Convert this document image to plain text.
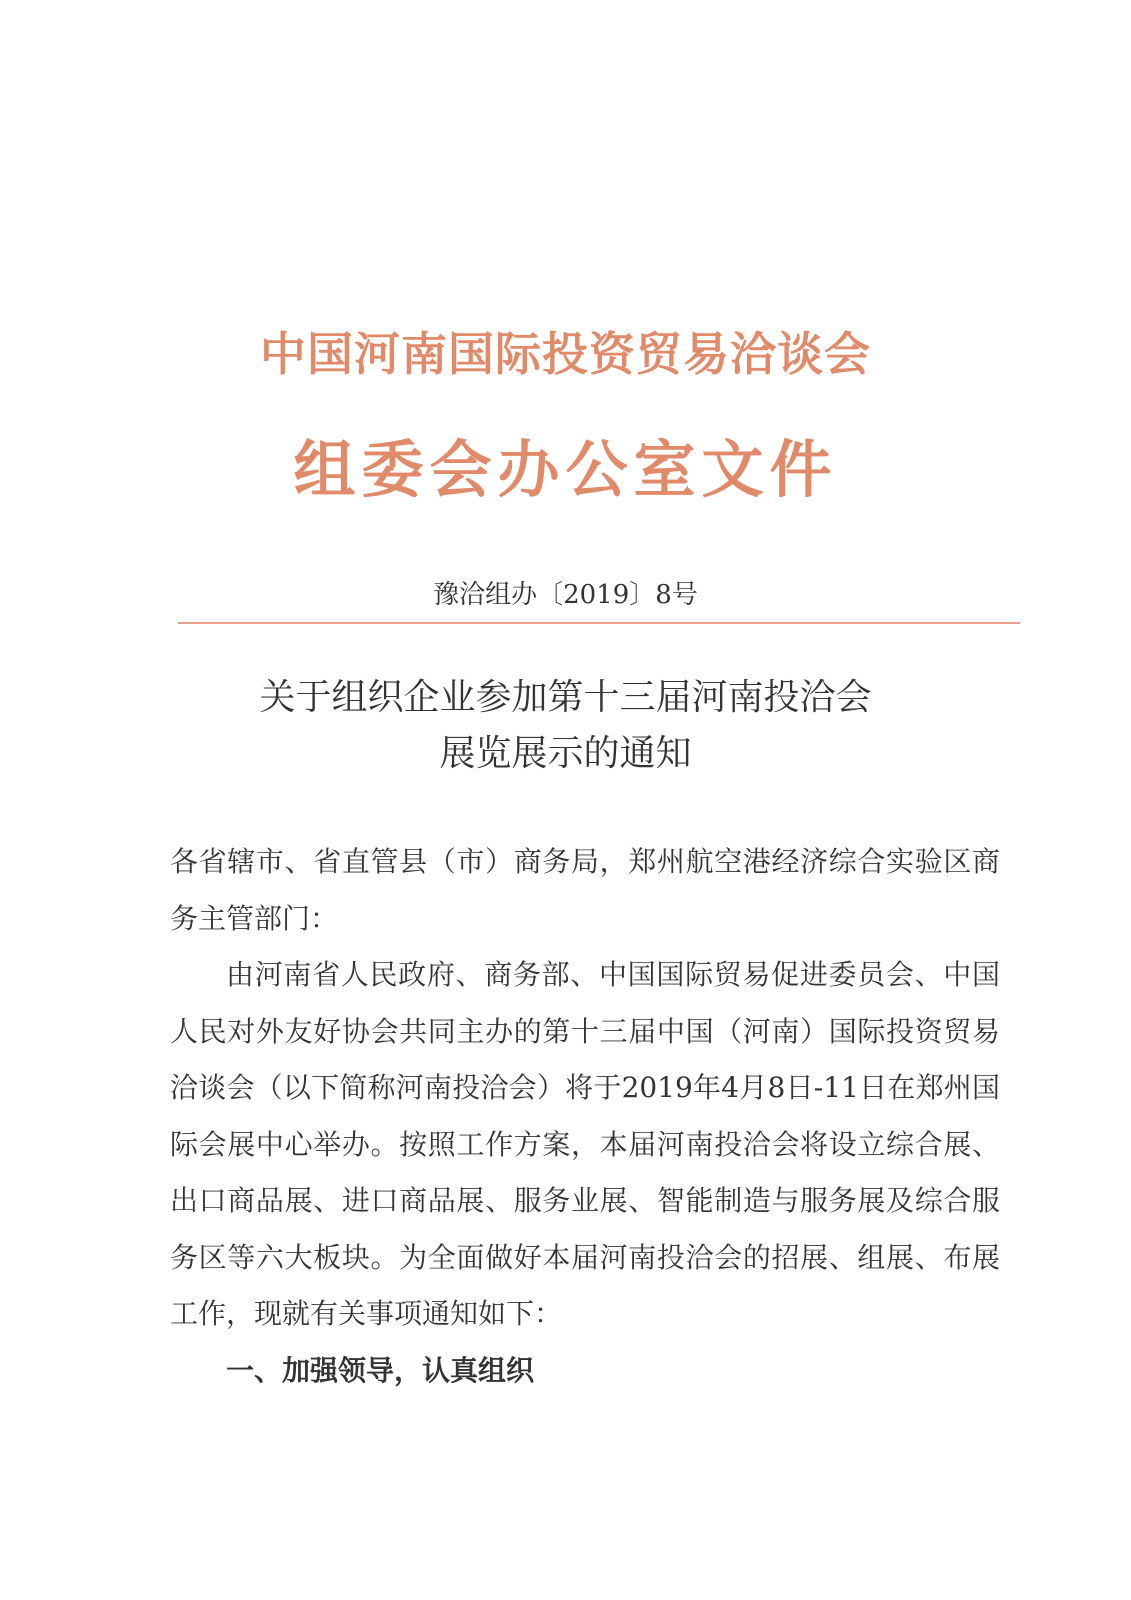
中国河南国际投资贸易洽谈会
组委会办公室文件
豫洽组办〔2019〕8号
关于组织企业参加第十三届河南投洽会
展览展示的通知

各省辖市、省直管县（市）商务局，郑州航空港经济综合实验区商务主管部门：

由河南省人民政府、商务部、中国国际贸易促进委员会、中国人民对外友好协会共同主办的第十三届中国（河南）国际投资贸易洽谈会（以下简称河南投洽会）将于2019年4月8日-11日在郑州国际会展中心举办。按照工作方案，本届河南投洽会将设立综合展、出口商品展、进口商品展、服务业展、智能制造与服务展及综合服务区等六大板块。为全面做好本届河南投洽会的招展、组展、布展工作，现就有关事项通知如下：

一、加强领导，认真组织
